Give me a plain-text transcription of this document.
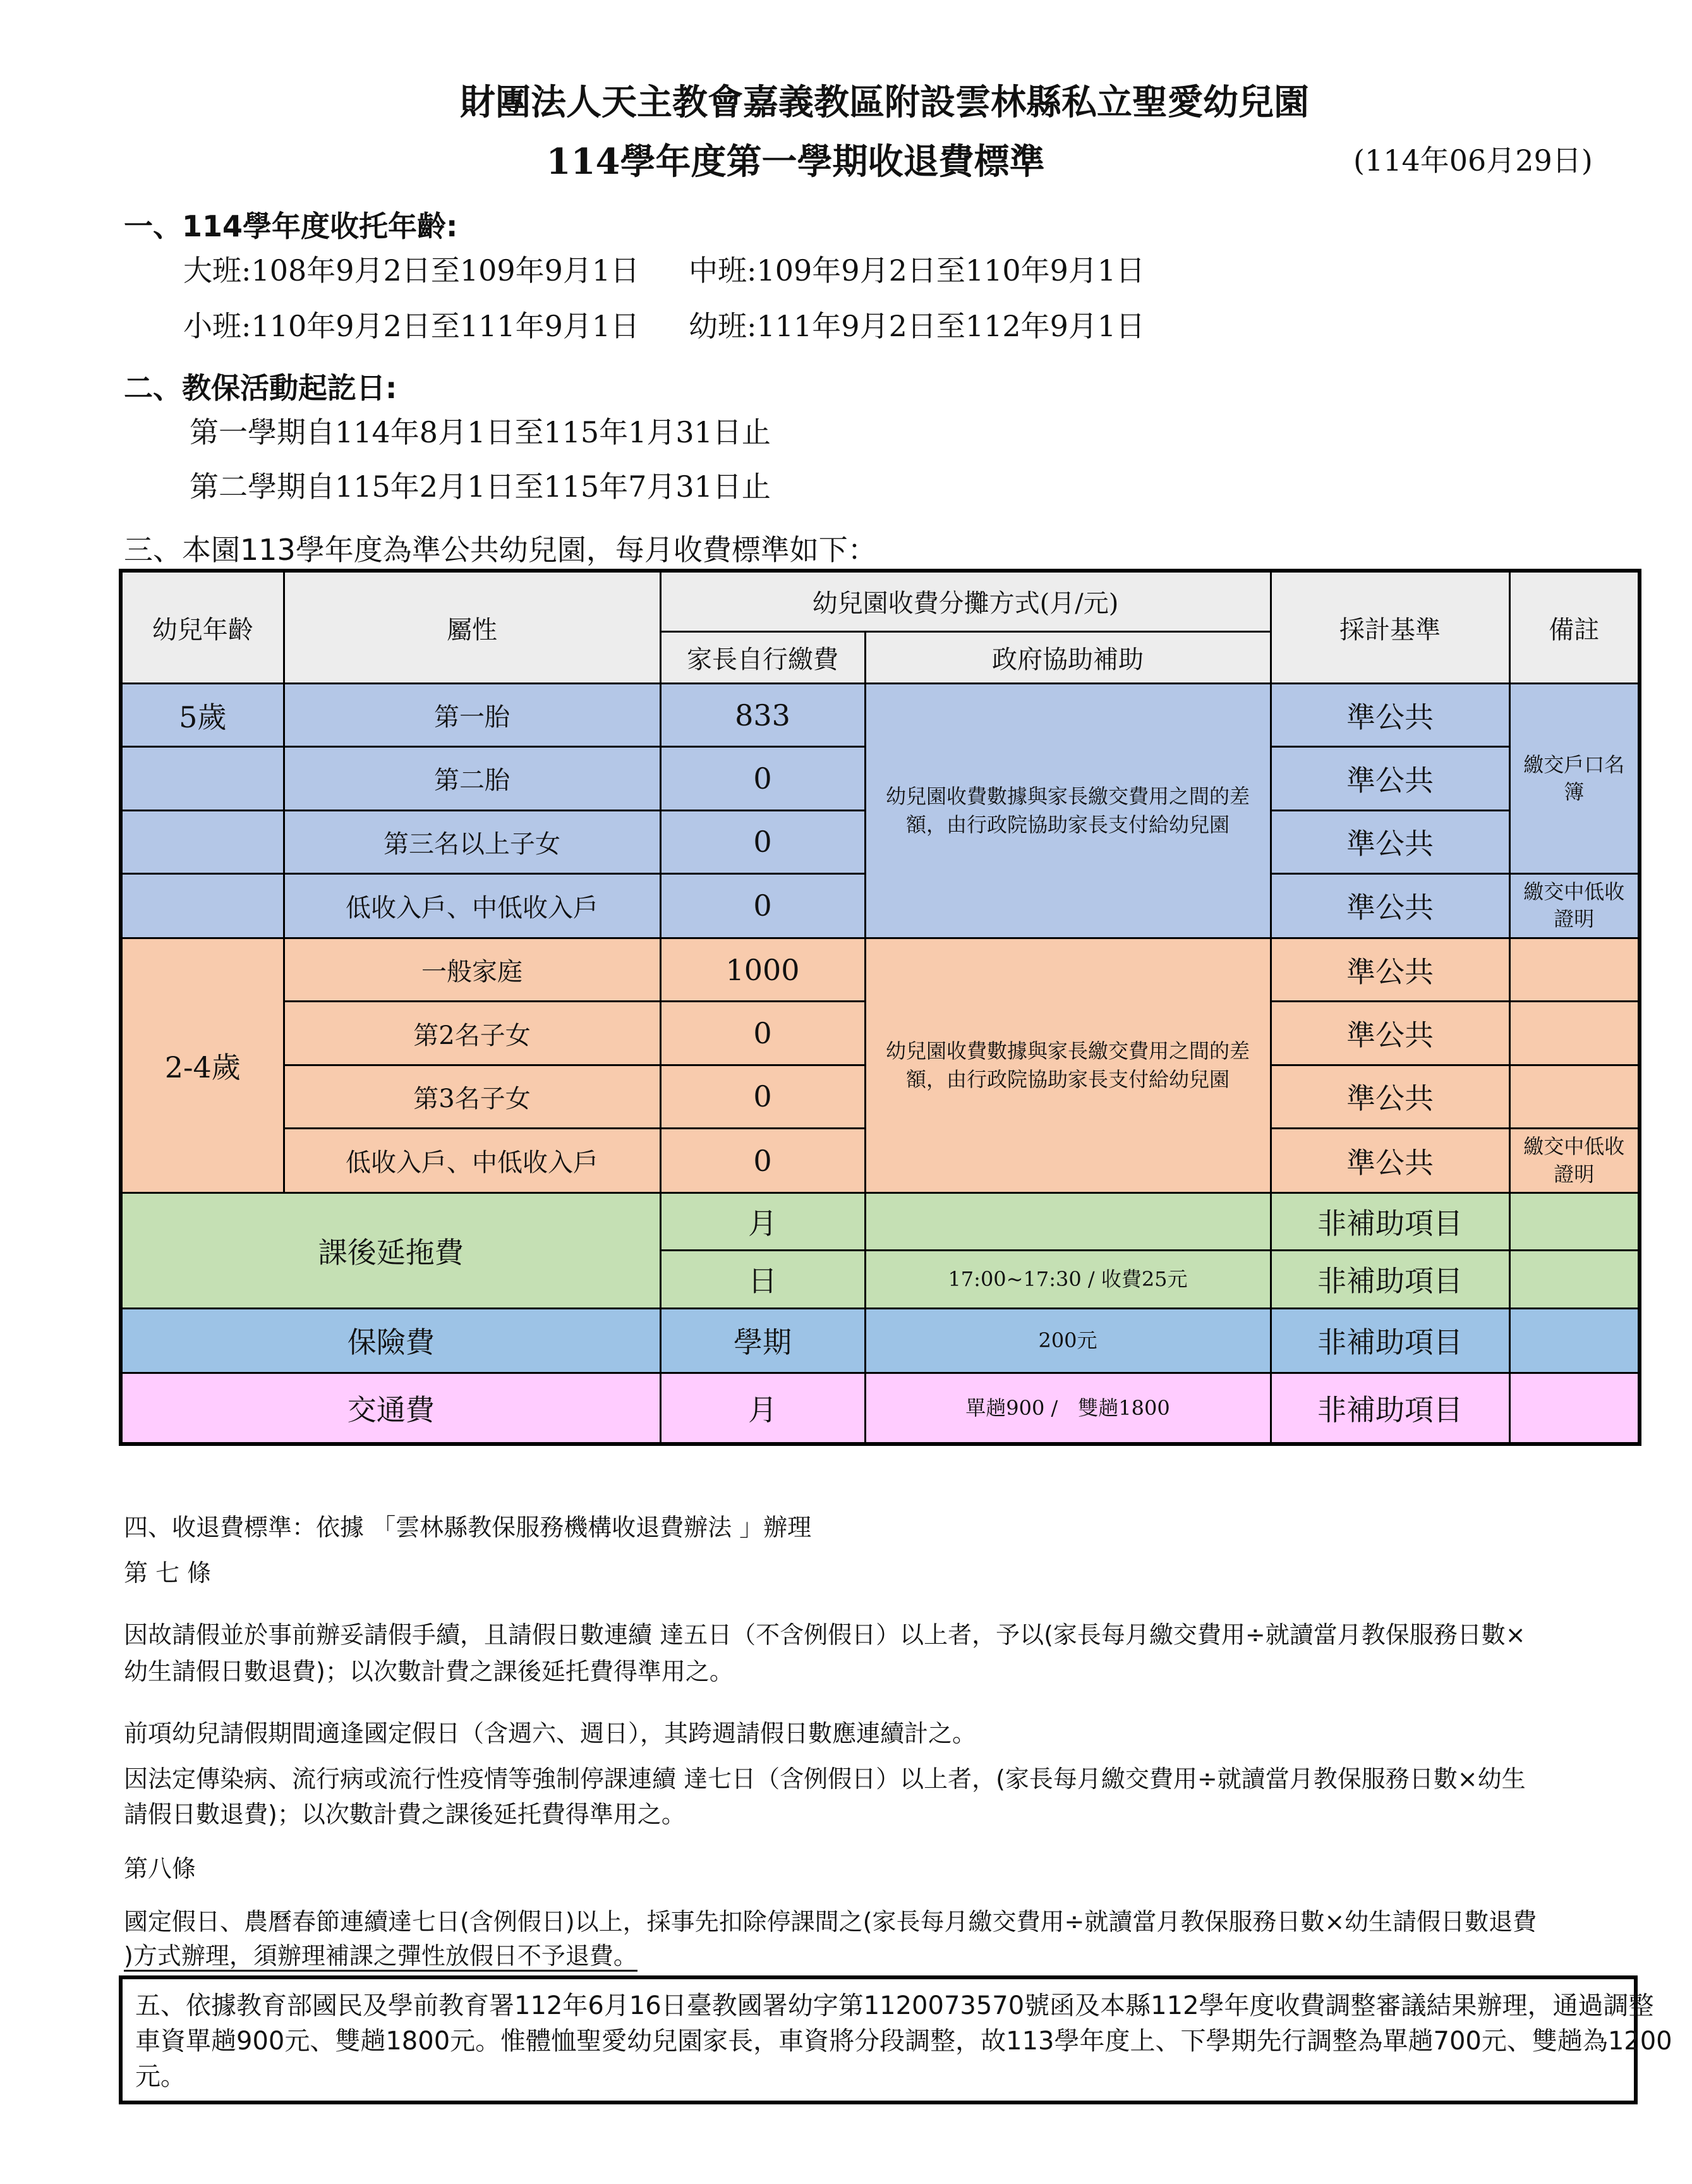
財團法人天主教會嘉義教區附設雲林縣私立聖愛幼兒園
114學年度第一學期收退費標準	(114年06月29日)
一、114學年度收托年齡:
大班:108年9月2日至109年9月1日 中班:109年9月2日至110年9月1日
小班:110年9月2日至111年9月1日 幼班:111年9月2日至112年9月1日
二、教保活動起訖日:
第一學期自114年8月1日至115年1月31日止
第二學期自115年2月1日至115年7月31日止
三、本園113學年度為準公共幼兒園，每月收費標準如下：
幼兒年齡	屬性	幼兒園收費分攤方式(月/元)		採計基準	備註
		家長自行繳費	政府協助補助		
5歲	第一胎	833	幼兒園收費數據與家長繳交費用之間的差額，由行政院協助家長支付給幼兒園	準公共	繳交戶口名簿
	第二胎	0		準公共	
	第三名以上子女	0		準公共	
	低收入戶、中低收入戶	0		準公共	繳交中低收證明
2-4歲	一般家庭	1000	幼兒園收費數據與家長繳交費用之間的差額，由行政院協助家長支付給幼兒園	準公共	
	第2名子女	0		準公共	
	第3名子女	0		準公共	
	低收入戶、中低收入戶	0		準公共	繳交中低收證明
課後延拖費		月		非補助項目	
		日	17:00~17:30 / 收費25元	非補助項目	
保險費		學期	200元	非補助項目	
交通費		月	單趟900 /　雙趟1800	非補助項目	
四、收退費標準：依據 「雲林縣教保服務機構收退費辦法 」辦理
第 七 條
因故請假並於事前辦妥請假手續，且請假日數連續 達五日（不含例假日）以上者，予以(家長每月繳交費用÷就讀當月教保服務日數×
幼生請假日數退費)；以次數計費之課後延托費得準用之。
前項幼兒請假期間適逢國定假日（含週六、週日），其跨週請假日數應連續計之。
因法定傳染病、流行病或流行性疫情等強制停課連續 達七日（含例假日）以上者，(家長每月繳交費用÷就讀當月教保服務日數×幼生
請假日數退費)；以次數計費之課後延托費得準用之。
第八條
國定假日、農曆春節連續達七日(含例假日)以上，採事先扣除停課間之(家長每月繳交費用÷就讀當月教保服務日數×幼生請假日數退費
)方式辦理，須辦理補課之彈性放假日不予退費。
五、依據教育部國民及學前教育署112年6月16日臺教國署幼字第1120073570號函及本縣112學年度收費調整審議結果辦理，通過調整
車資單趟900元、雙趟1800元。惟體恤聖愛幼兒園家長，車資將分段調整，故113學年度上、下學期先行調整為單趟700元、雙趟為1200
元。
